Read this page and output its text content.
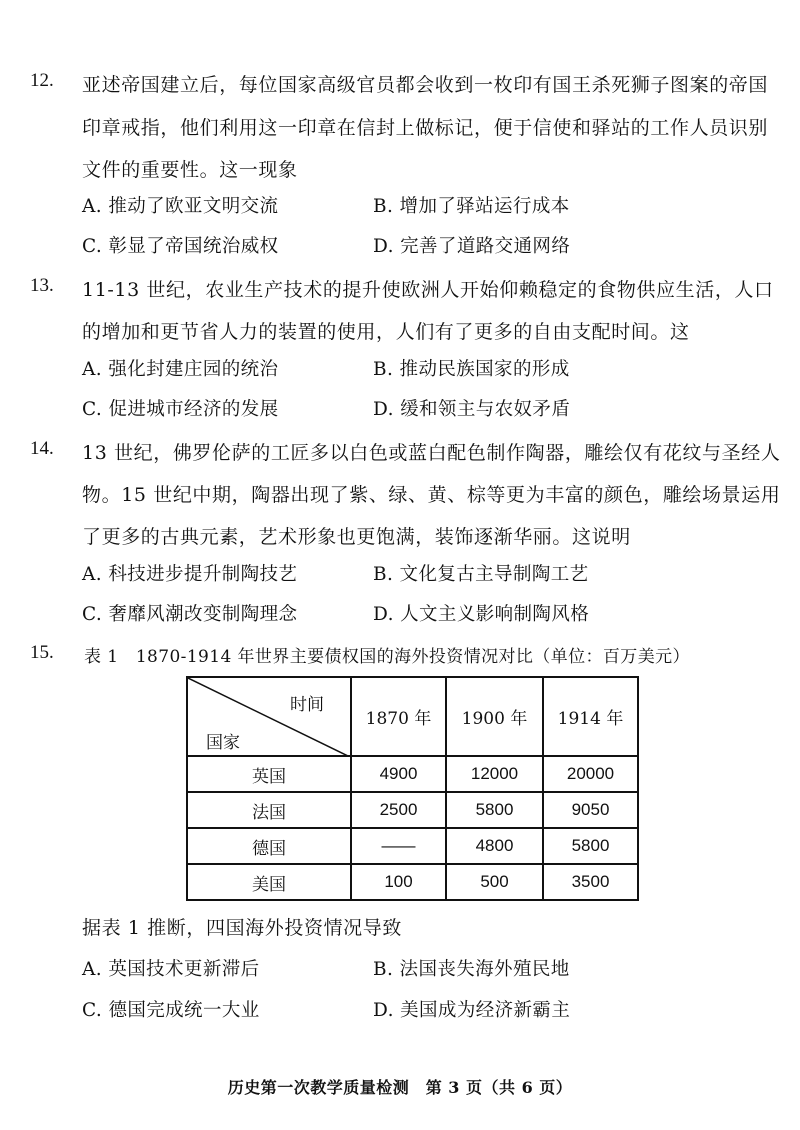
12. 亚述帝国建立后，每位国家高级官员都会收到一枚印有国王杀死狮子图案的帝国
印章戒指，他们利用这一印章在信封上做标记，便于信使和驿站的工作人员识别
文件的重要性。这一现象
A. 推动了欧亚文明交流	B. 增加了驿站运行成本
C. 彰显了帝国统治威权	D. 完善了道路交通网络
13. 11-13 世纪，农业生产技术的提升使欧洲人开始仰赖稳定的食物供应生活，人口
的增加和更节省人力的装置的使用，人们有了更多的自由支配时间。这
A. 强化封建庄园的统治	B. 推动民族国家的形成
C. 促进城市经济的发展	D. 缓和领主与农奴矛盾
14. 13 世纪，佛罗伦萨的工匠多以白色或蓝白配色制作陶器，雕绘仅有花纹与圣经人
物。15 世纪中期，陶器出现了紫、绿、黄、棕等更为丰富的颜色，雕绘场景运用
了更多的古典元素，艺术形象也更饱满，装饰逐渐华丽。这说明
A. 科技进步提升制陶技艺	B. 文化复古主导制陶工艺
C. 奢靡风潮改变制陶理念	D. 人文主义影响制陶风格
15. 表 1　1870-1914 年世界主要债权国的海外投资情况对比（单位：百万美元）
时间
国家	1870 年	1900 年	1914 年
英国	4900	12000	20000
法国	2500	5800	9050
德国	——	4800	5800
美国	100	500	3500
据表 1 推断，四国海外投资情况导致
A. 英国技术更新滞后	B. 法国丧失海外殖民地
C. 德国完成统一大业	D. 美国成为经济新霸主
历史第一次教学质量检测　第 3 页（共 6 页）
